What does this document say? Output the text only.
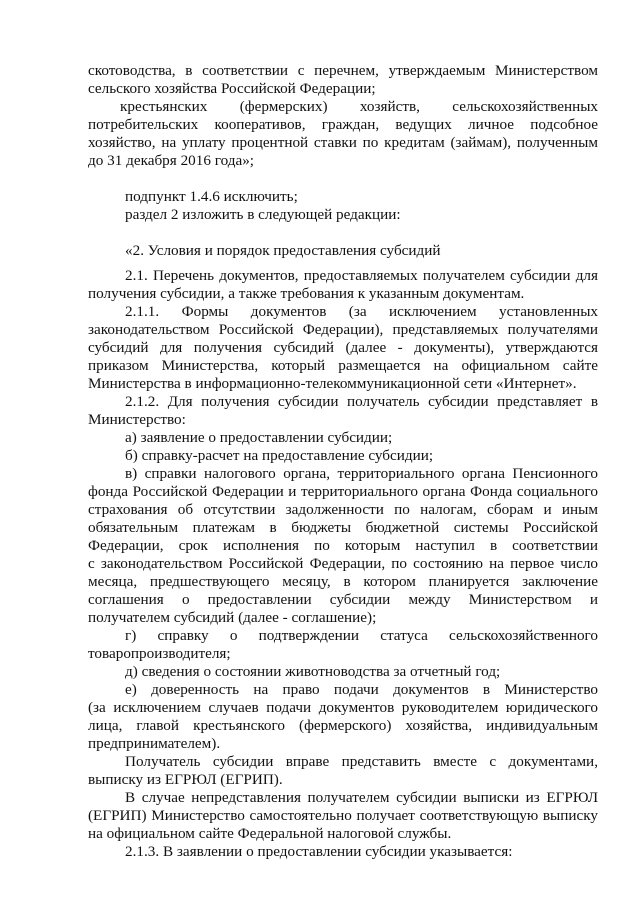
скотоводства, в соответствии с перечнем, утверждаемым Министерством
сельского хозяйства Российской Федерации;
крестьянских (фермерских) хозяйств, сельскохозяйственных
потребительских кооперативов, граждан, ведущих личное подсобное
хозяйство, на уплату процентной ставки по кредитам (займам), полученным
до 31 декабря 2016 года»;
подпункт 1.4.6 исключить;
раздел 2 изложить в следующей редакции:
«2. Условия и порядок предоставления субсидий
2.1. Перечень документов, предоставляемых получателем субсидии для
получения субсидии, а также требования к указанным документам.
2.1.1. Формы документов (за исключением установленных
законодательством Российской Федерации), представляемых получателями
субсидий для получения субсидий (далее - документы), утверждаются
приказом Министерства, который размещается на официальном сайте
Министерства в информационно-телекоммуникационной сети «Интернет».
2.1.2. Для получения субсидии получатель субсидии представляет в
Министерство:
а) заявление о предоставлении субсидии;
б) справку-расчет на предоставление субсидии;
в) справки налогового органа, территориального органа Пенсионного
фонда Российской Федерации и территориального органа Фонда социального
страхования об отсутствии задолженности по налогам, сборам и иным
обязательным платежам в бюджеты бюджетной системы Российской
Федерации, срок исполнения по которым наступил в соответствии
с законодательством Российской Федерации, по состоянию на первое число
месяца, предшествующего месяцу, в котором планируется заключение
соглашения о предоставлении субсидии между Министерством и
получателем субсидий (далее - соглашение);
г) справку о подтверждении статуса сельскохозяйственного
товаропроизводителя;
д) сведения о состоянии животноводства за отчетный год;
е) доверенность на право подачи документов в Министерство
(за исключением случаев подачи документов руководителем юридического
лица, главой крестьянского (фермерского) хозяйства, индивидуальным
предпринимателем).
Получатель субсидии вправе представить вместе с документами,
выписку из ЕГРЮЛ (ЕГРИП).
В случае непредставления получателем субсидии выписки из ЕГРЮЛ
(ЕГРИП) Министерство самостоятельно получает соответствующую выписку
на официальном сайте Федеральной налоговой службы.
2.1.3. В заявлении о предоставлении субсидии указывается:
